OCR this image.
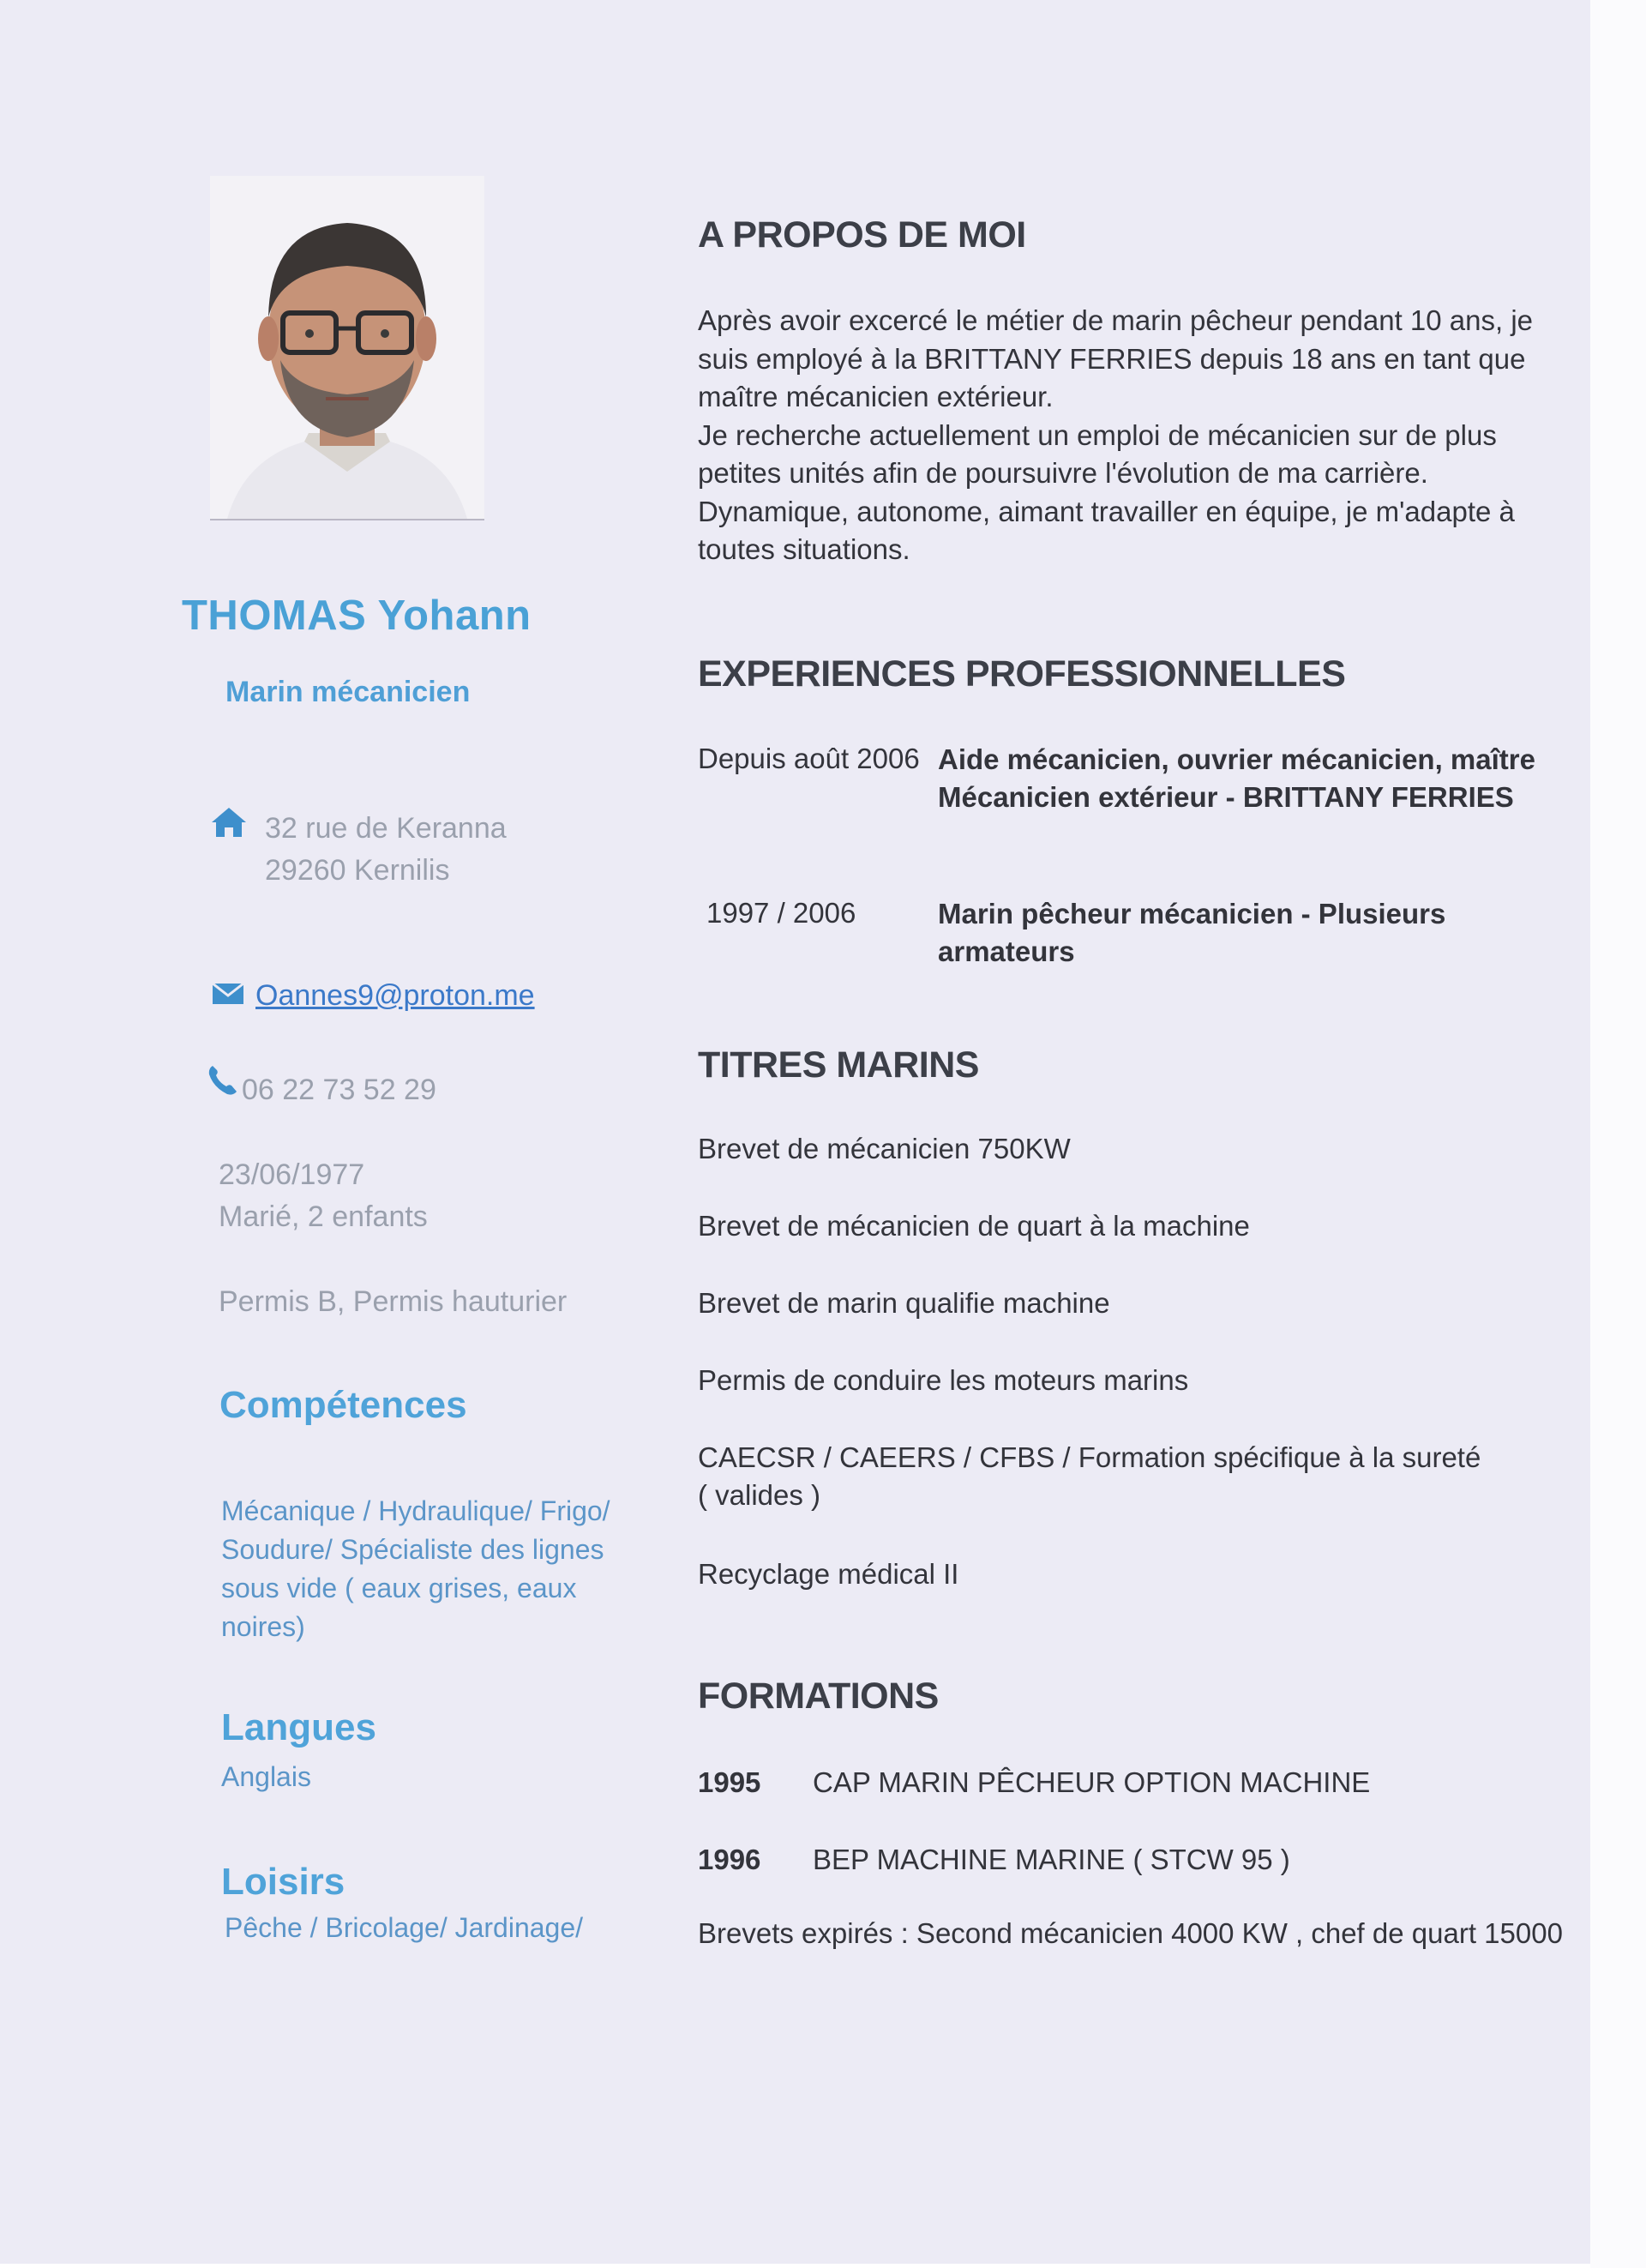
THOMAS Yohann
Marin mécanicien
32 rue de Keranna
29260 Kernilis
Oannes9@proton.me
06 22 73 52 29
23/06/1977
Marié, 2 enfants
Permis B, Permis hauturier
Compétences
Mécanique / Hydraulique/ Frigo/ Soudure/ Spécialiste des lignes sous vide ( eaux grises, eaux noires)
Langues
Anglais
Loisirs
Pêche / Bricolage/ Jardinage/
A PROPOS DE MOI

Après avoir excercé le métier de marin pêcheur pendant 10 ans, je suis employé à la BRITTANY FERRIES depuis 18 ans en tant que maître mécanicien extérieur.

Je recherche actuellement un emploi de mécanicien sur de plus petites unités afin de poursuivre l'évolution de ma carrière.

Dynamique, autonome, aimant travailler en équipe, je m'adapte à toutes situations.

EXPERIENCES PROFESSIONNELLES
Depuis août 2006 Aide mécanicien, ouvrier mécanicien, maître Mécanicien extérieur - BRITTANY FERRIES
1997 / 2006	Marin pêcheur mécanicien - Plusieurs armateurs
TITRES MARINS
Brevet de mécanicien 750KW
Brevet de mécanicien de quart à la machine
Brevet de marin qualifie machine
Permis de conduire les moteurs marins
CAECSR / CAEERS / CFBS / Formation spécifique à la sureté ( valides )
Recyclage médical II
FORMATIONS
1995 CAP MARIN PÊCHEUR OPTION MACHINE
1996 BEP MACHINE MARINE ( STCW 95 )
Brevets expirés : Second mécanicien 4000 KW , chef de quart 15000
